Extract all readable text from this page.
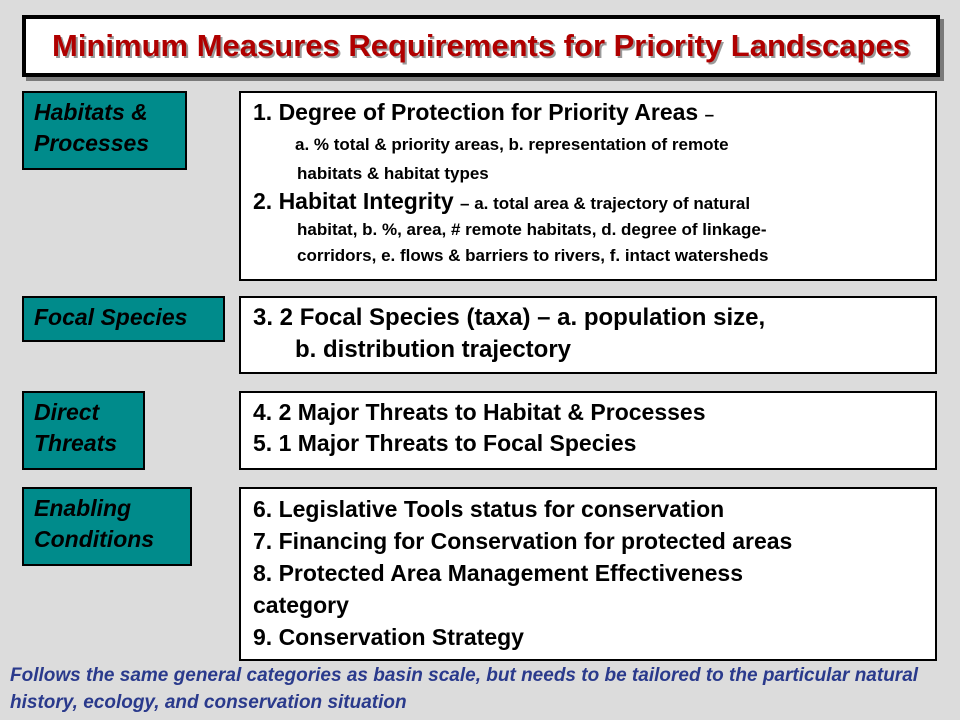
Minimum Measures Requirements for Priority Landscapes
Habitats &
Processes
1. Degree of Protection for Priority Areas –
a. % total & priority areas, b. representation of remote
habitats & habitat types
2. Habitat Integrity – a. total area & trajectory of natural
habitat, b. %, area, # remote habitats, d. degree of linkage-
corridors, e. flows & barriers to rivers, f. intact watersheds
Focal Species	3. 2 Focal Species (taxa) – a. population size,
b. distribution trajectory
Direct
Threats
4. 2 Major Threats to Habitat & Processes
5. 1 Major Threats to Focal Species
Enabling
Conditions
6. Legislative Tools status for conservation
7. Financing for Conservation for protected areas
8. Protected Area Management Effectiveness
category
9. Conservation Strategy
Follows the same general categories as basin scale, but needs to be tailored to the particular natural history, ecology, and conservation situation
